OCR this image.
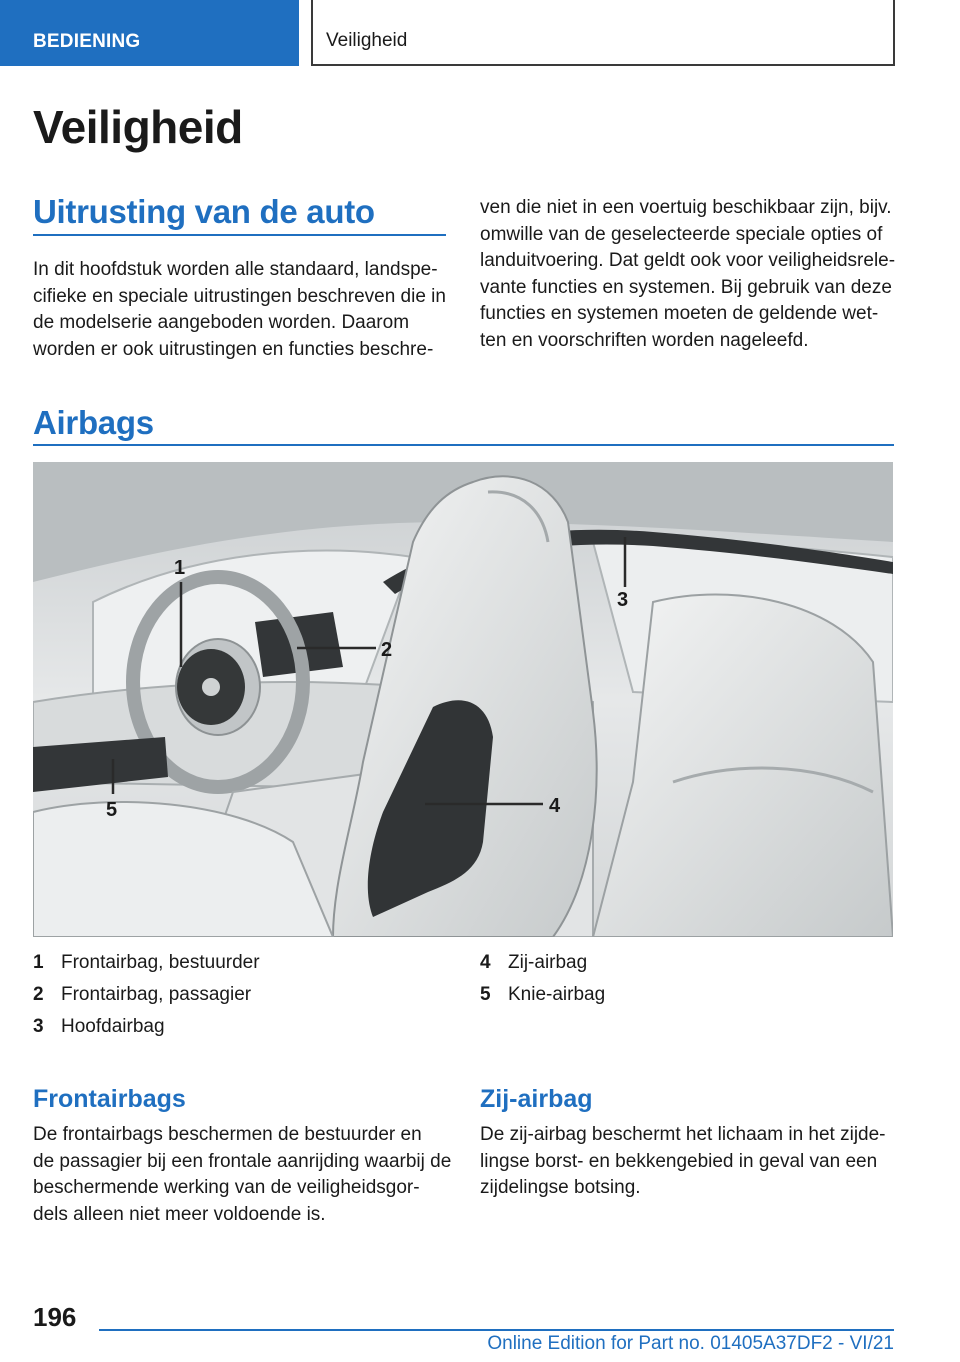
BEDIENING	Veiligheid
Veiligheid
Uitrusting van de auto
In dit hoofdstuk worden alle standaard, landspe-
cifieke en speciale uitrustingen beschreven die in
de modelserie aangeboden worden. Daarom
worden er ook uitrustingen en functies beschre-
ven die niet in een voertuig beschikbaar zijn, bijv.
omwille van de geselecteerde speciale opties of
landuitvoering. Dat geldt ook voor veiligheidsrele-
vante functies en systemen. Bij gebruik van deze
functies en systemen moeten de geldende wet-
ten en voorschriften worden nageleefd.
Airbags
1
2
3
4
5
1 Frontairbag, bestuurder
2 Frontairbag, passagier
3 Hoofdairbag
4 Zij-airbag
5 Knie-airbag
Frontairbags
De frontairbags beschermen de bestuurder en
de passagier bij een frontale aanrijding waarbij de
beschermende werking van de veiligheidsgor-
dels alleen niet meer voldoende is.
Zij-airbag
De zij-airbag beschermt het lichaam in het zijde-
lingse borst- en bekkengebied in geval van een
zijdelingse botsing.
196
Online Edition for Part no. 01405A37DF2 - VI/21
